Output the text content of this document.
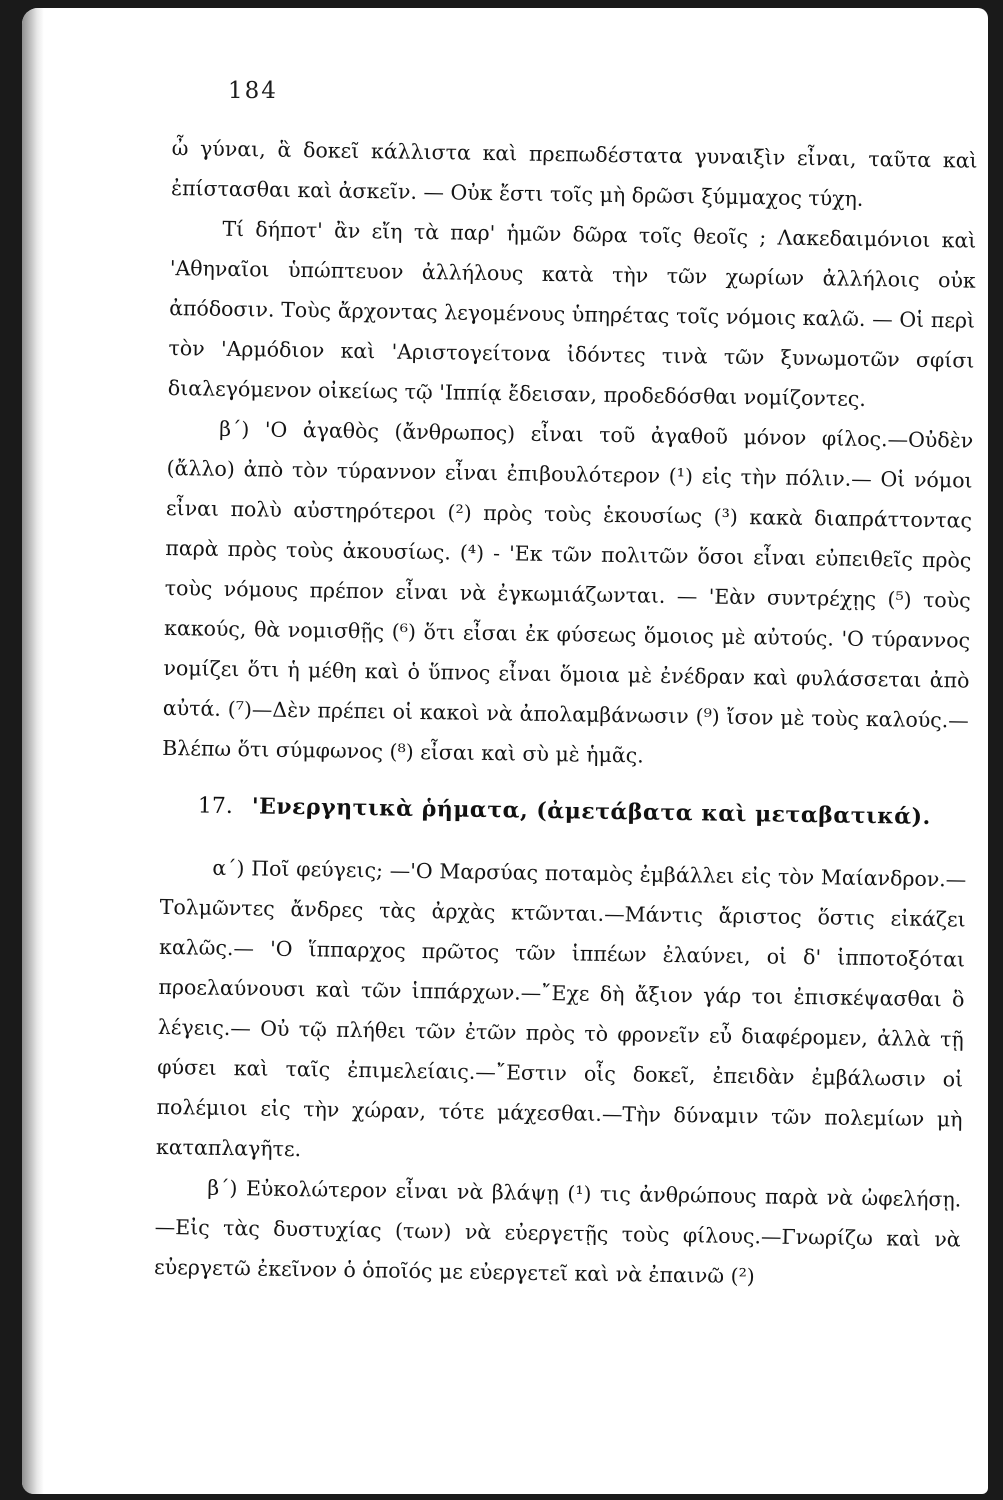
184

ὦ γύναι, ἃ δοκεῖ κάλλιστα καὶ πρεπωδέστατα γυναιξὶν εἶναι, ταῦτα καὶ ἐπίστασθαι καὶ ἀσκεῖν. — Οὐκ ἔστι τοῖς μὴ δρῶσι ξύμμαχος τύχη.

Τί δήποτ' ἂν εἴη τὰ παρ' ἡμῶν δῶρα τοῖς θεοῖς ; Λακεδαιμόνιοι καὶ 'Αθηναῖοι ὑπώπτευον ἀλλήλους κατὰ τὴν τῶν χωρίων ἀλλήλοις οὐκ ἀπόδοσιν. Τοὺς ἄρχοντας λεγομένους ὑπηρέτας τοῖς νόμοις καλῶ. — Οἱ περὶ τὸν 'Αρμόδιον καὶ 'Αριστογείτονα ἰδόντες τινὰ τῶν ξυνωμοτῶν σφίσι διαλεγόμενον οἰκείως τῷ 'Ιππίᾳ ἔδεισαν, προδεδόσθαι νομίζοντες.

β΄) 'Ο ἀγαθὸς (ἄνθρωπος) εἶναι τοῦ ἀγαθοῦ μόνον φίλος.—Οὐδὲν (ἄλλο) ἀπὸ τὸν τύραννον εἶναι ἐπιβουλότερον (¹) εἰς τὴν πόλιν.— Οἱ νόμοι εἶναι πολὺ αὐστηρότεροι (²) πρὸς τοὺς ἑκουσίως (³) κακὰ διαπράττοντας παρὰ πρὸς τοὺς ἀκουσίως. (⁴) - 'Εκ τῶν πολιτῶν ὅσοι εἶναι εὐπειθεῖς πρὸς τοὺς νόμους πρέπον εἶναι νὰ ἐγκωμιάζωνται. — 'Εὰν συντρέχῃς (⁵) τοὺς κακούς, θὰ νομισθῇς (⁶) ὅτι εἶσαι ἐκ φύσεως ὅμοιος μὲ αὐτούς. 'Ο τύραννος νομίζει ὅτι ἡ μέθη καὶ ὁ ὕπνος εἶναι ὅμοια μὲ ἐνέδραν καὶ φυλάσσεται ἀπὸ αὐτά. (⁷)—Δὲν πρέπει οἱ κακοὶ νὰ ἀπολαμβάνωσιν (⁹) ἴσον μὲ τοὺς καλούς.—Βλέπω ὅτι σύμφωνος (⁸) εἶσαι καὶ σὺ μὲ ἡμᾶς.

17. 'Ενεργητικὰ ῥήματα, (ἀμετάβατα καὶ μεταβατικά).

α΄) Ποῖ φεύγεις; —'Ο Μαρσύας ποταμὸς ἐμβάλλει εἰς τὸν Μαίανδρον.—Τολμῶντες ἄνδρες τὰς ἀρχὰς κτῶνται.—Μάντις ἄριστος ὅστις εἰκάζει καλῶς.— 'Ο ἵππαρχος πρῶτος τῶν ἱππέων ἐλαύνει, οἱ δ' ἱπποτοξόται προελαύνουσι καὶ τῶν ἱππάρχων.—῎Εχε δὴ ἄξιον γάρ τοι ἐπισκέψασθαι ὃ λέγεις.— Οὐ τῷ πλήθει τῶν ἐτῶν πρὸς τὸ φρονεῖν εὖ διαφέρομεν, ἀλλὰ τῇ φύσει καὶ ταῖς ἐπιμελείαις.—῎Εστιν οἷς δοκεῖ, ἐπειδὰν ἐμβάλωσιν οἱ πολέμιοι εἰς τὴν χώραν, τότε μάχεσθαι.—Τὴν δύναμιν τῶν πολεμίων μὴ καταπλαγῆτε.

β΄) Εὐκολώτερον εἶναι νὰ βλάψῃ (¹) τις ἀνθρώπους παρὰ νὰ ὠφελήσῃ.—Εἰς τὰς δυστυχίας (των) νὰ εὐεργετῇς τοὺς φίλους.—Γνωρίζω καὶ νὰ εὐεργετῶ ἐκεῖνον ὁ ὁποῖός με εὐεργετεῖ καὶ νὰ ἐπαινῶ (²)
